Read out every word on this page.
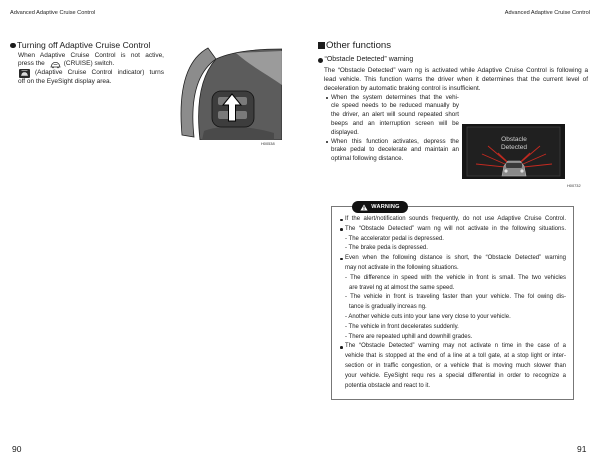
Advanced Adaptive Cruise Control	Advanced Adaptive Cruise Control
Turning off Adaptive Cruise Control
When Adaptive Cruise Control is not active,
press the	(CRUISE) switch.
(Adaptive Cruise Control indicator) turns
off on the EyeSight display area.
H00538
90
Other functions
“Obstacle Detected” warning
The “Obstacle Detected” warn ng is activated while Adaptive Cruise Control is following a
lead vehicle. This function warns the driver when it determines that the current level of
deceleration by automatic braking control is insufficient.
When the system determines that the vehi-
cle speed needs to be reduced manually by
the driver, an alert will sound repeated short
beeps and an interruption screen will be
displayed.
When this function activates, depress the
brake pedal to decelerate and maintain an
optimal following distance.
Obstacle
Detected
H00732
WARNING
If the alert/notification sounds frequently, do not use Adaptive Cruise Control.
The “Obstacle Detected” warn ng will not activate in the following situations.
- The accelerator pedal is depressed.
- The brake peda is depressed.
Even when the following distance is short, the “Obstacle Detected” warning
may not activate in the following situations.
- The difference in speed with the vehicle in front is small. The two vehicles
are travel ng at almost the same speed.
- The vehicle in front is traveling faster than your vehicle. The fol owing dis-
tance is gradually increas ng.
- Another vehicle cuts into your lane very close to your vehicle.
- The vehicle in front decelerates suddenly.
- There are repeated uphill and downhill grades.
The “Obstacle Detected” warning may not activate n time in the case of a
vehicle that is stopped at the end of a line at a toll gate, at a stop light or inter-
section or in traffic congestion, or a vehicle that is moving much slower than
your vehicle. EyeSight requ res a special differential in order to recognize a
potentia obstacle and react to it.
91
